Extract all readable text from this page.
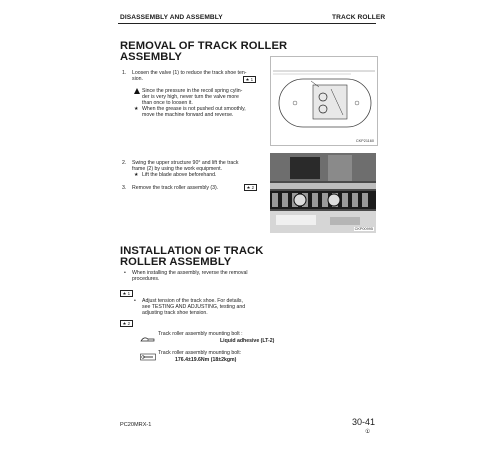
DISASSEMBLY AND ASSEMBLY	TRACK ROLLER
REMOVAL OF TRACK ROLLER
ASSEMBLY
1. Loosen the valve (1) to reduce the track shoe ten-
sion.	★ 1
Since the pressure in the recoil spring cylin-
der is very high, never turn the valve more
than once to loosen it.
★ When the grease is not pushed out smoothly,
move the machine forward and reverse.
CKP21160
2. Swing the upper structure 90° and lift the track
frame (2) by using the work equipment.
★ Lift the blade above beforehand.
3. Remove the track roller assembly (3).	★ 2
CKP00995
INSTALLATION OF TRACK
ROLLER ASSEMBLY
• When installing the assembly, reverse the removal
procedures.
★ 1
• Adjust tension of the track shoe. For details,
see TESTING AND ADJUSTING, testing and
adjusting track shoe tension.
★ 2
Track roller assembly mounting bolt :
Liquid adhesive (LT-2)
Track roller assembly mounting bolt:
176.4±19.6Nm (18±2kgm)
PC20MRX-1	30-41
①
